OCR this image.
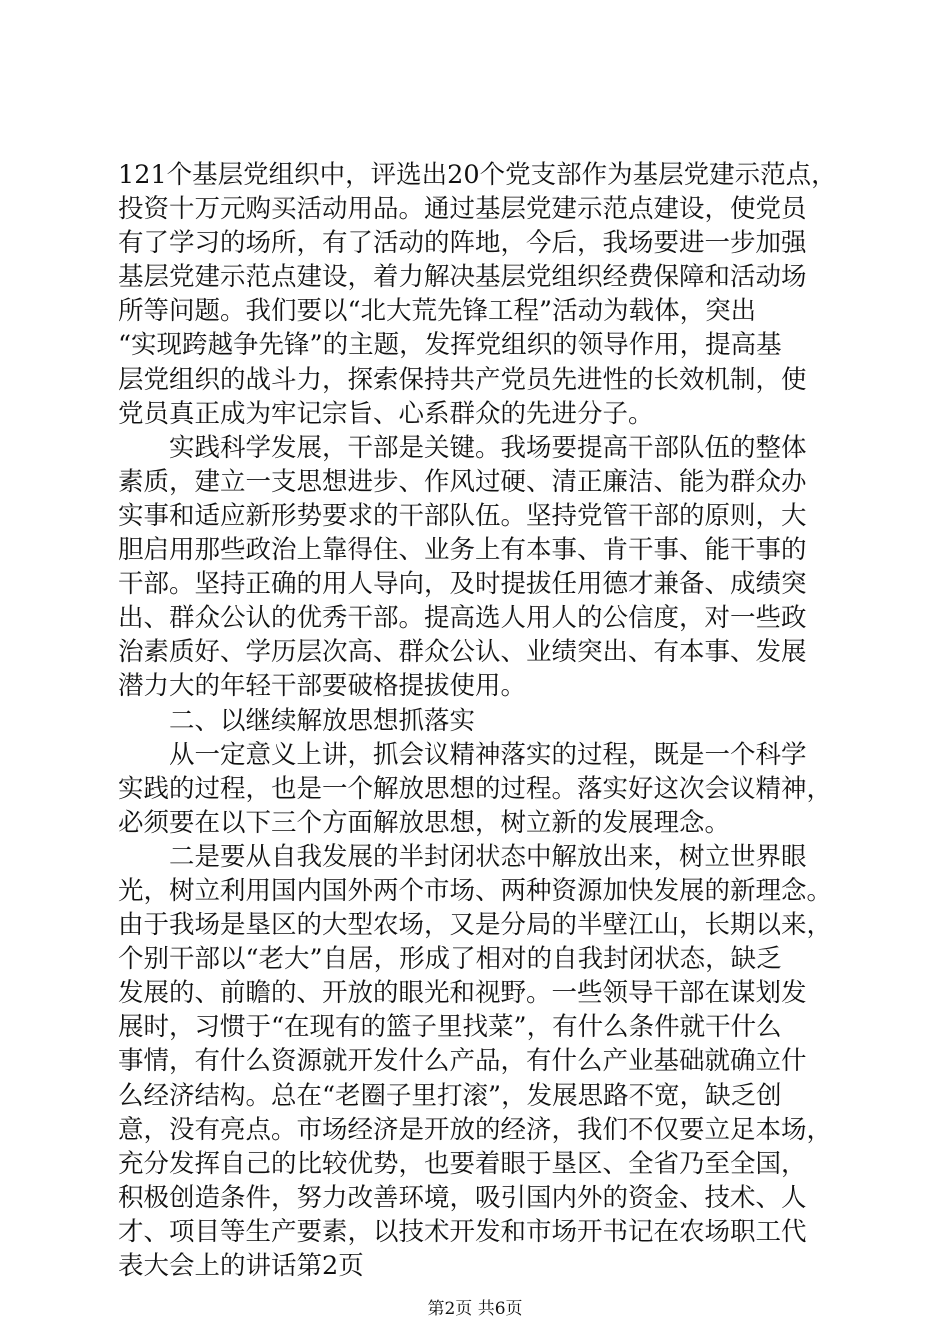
121个基层党组织中，评选出20个党支部作为基层党建示范点，
投资十万元购买活动用品。通过基层党建示范点建设，使党员
有了学习的场所，有了活动的阵地，今后，我场要进一步加强
基层党建示范点建设，着力解决基层党组织经费保障和活动场
所等问题。我们要以“北大荒先锋工程”活动为载体，突出
“实现跨越争先锋”的主题，发挥党组织的领导作用，提高基
层党组织的战斗力，探索保持共产党员先进性的长效机制，使
党员真正成为牢记宗旨、心系群众的先进分子。
　　实践科学发展，干部是关键。我场要提高干部队伍的整体
素质，建立一支思想进步、作风过硬、清正廉洁、能为群众办
实事和适应新形势要求的干部队伍。坚持党管干部的原则，大
胆启用那些政治上靠得住、业务上有本事、肯干事、能干事的
干部。坚持正确的用人导向，及时提拔任用德才兼备、成绩突
出、群众公认的优秀干部。提高选人用人的公信度，对一些政
治素质好、学历层次高、群众公认、业绩突出、有本事、发展
潜力大的年轻干部要破格提拔使用。
　　二、以继续解放思想抓落实
　　从一定意义上讲，抓会议精神落实的过程，既是一个科学
实践的过程，也是一个解放思想的过程。落实好这次会议精神，
必须要在以下三个方面解放思想，树立新的发展理念。
　　二是要从自我发展的半封闭状态中解放出来，树立世界眼
光，树立利用国内国外两个市场、两种资源加快发展的新理念。
由于我场是垦区的大型农场，又是分局的半壁江山，长期以来，
个别干部以“老大”自居，形成了相对的自我封闭状态，缺乏
发展的、前瞻的、开放的眼光和视野。一些领导干部在谋划发
展时，习惯于“在现有的篮子里找菜”，有什么条件就干什么
事情，有什么资源就开发什么产品，有什么产业基础就确立什
么经济结构。总在“老圈子里打滚”，发展思路不宽，缺乏创
意，没有亮点。市场经济是开放的经济，我们不仅要立足本场，
充分发挥自己的比较优势，也要着眼于垦区、全省乃至全国，
积极创造条件，努力改善环境，吸引国内外的资金、技术、人
才、项目等生产要素，以技术开发和市场开书记在农场职工代
表大会上的讲话第2页
第2页 共6页
